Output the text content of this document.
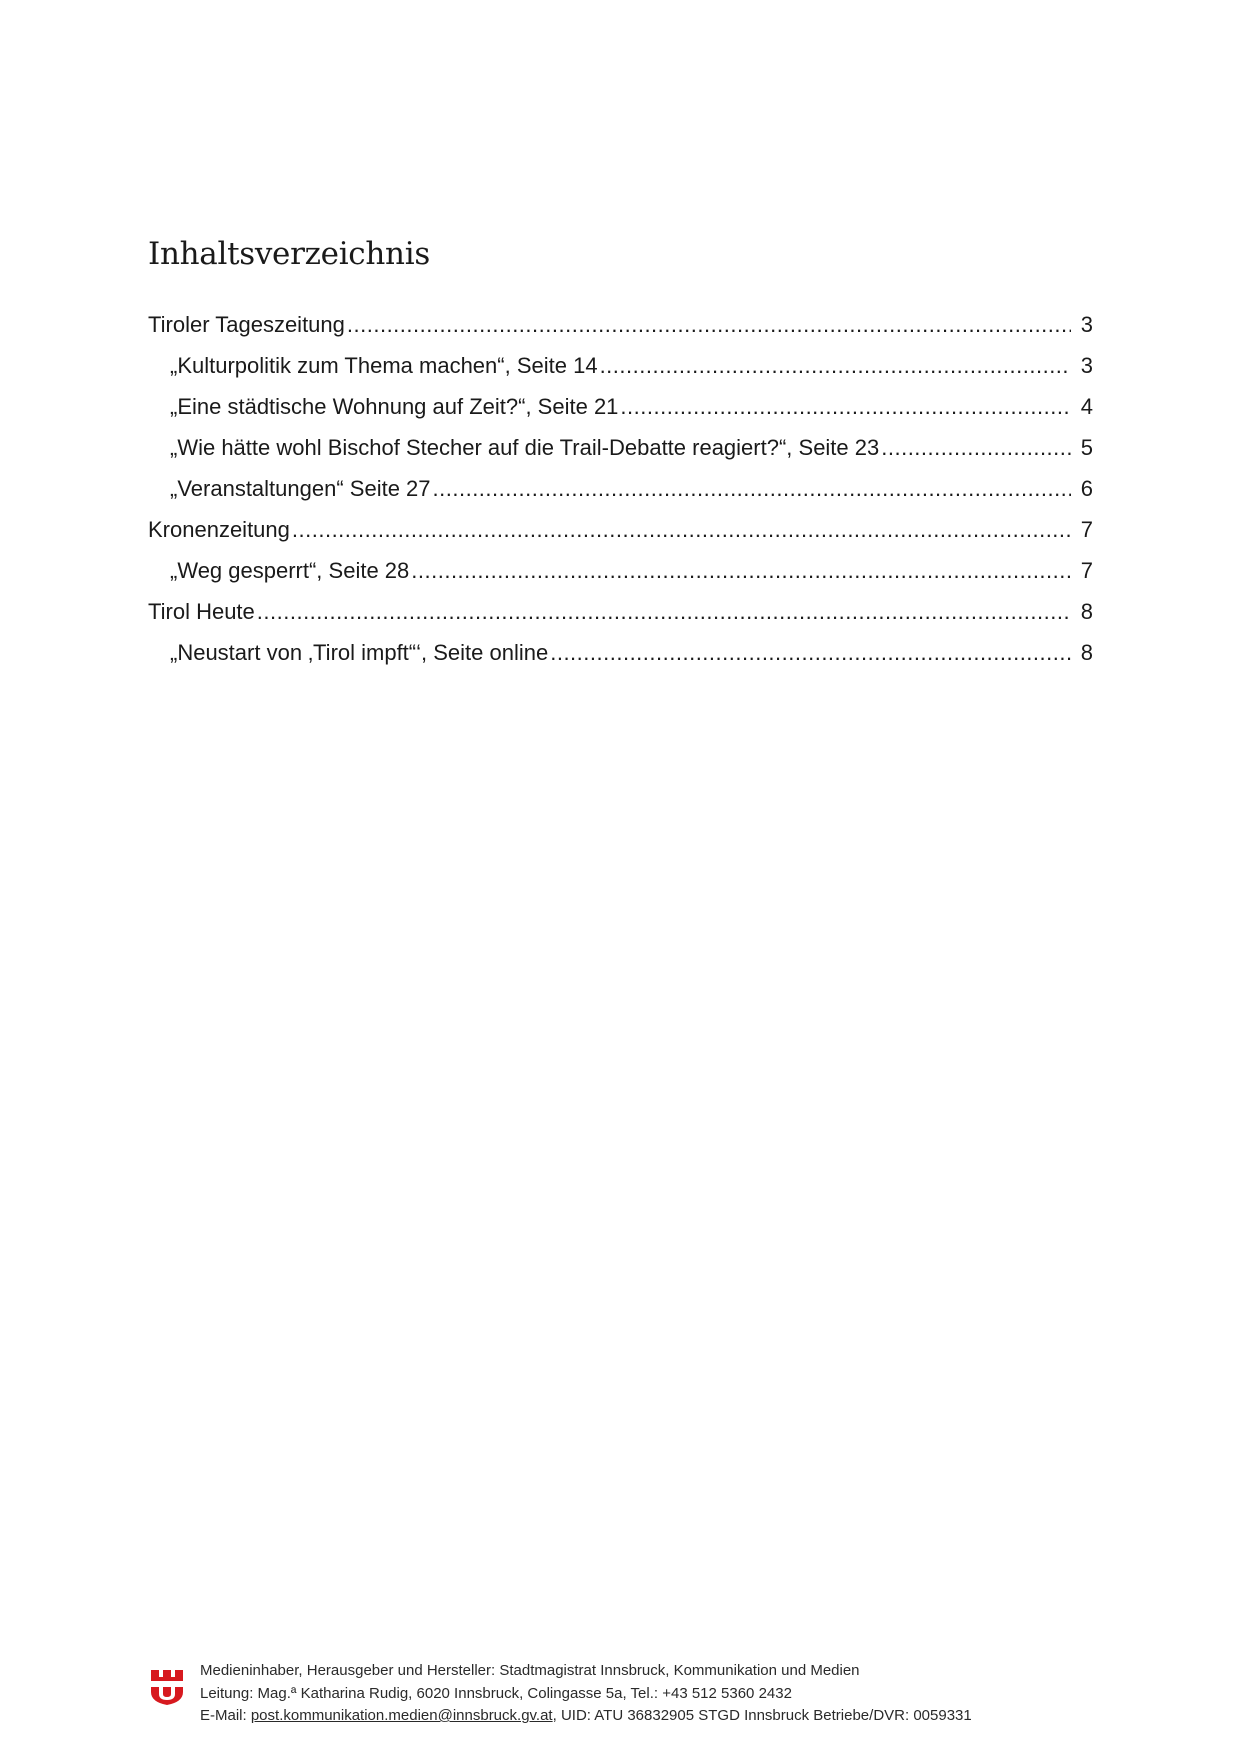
Inhaltsverzeichnis
Tiroler Tageszeitung .....	3
„Kulturpolitik zum Thema machen“, Seite 14 .....	3
„Eine städtische Wohnung auf Zeit?“, Seite 21 .....	4
„Wie hätte wohl Bischof Stecher auf die Trail-Debatte reagiert?“, Seite 23 .....	5
„Veranstaltungen“ Seite 27 .....	6
Kronenzeitung .....	7
„Weg gesperrt“, Seite 28 .....	7
Tirol Heute .....	8
„Neustart von ‚Tirol impft“‘, Seite online .....	8
Medieninhaber, Herausgeber und Hersteller: Stadtmagistrat Innsbruck, Kommunikation und Medien
Leitung: Mag.ª Katharina Rudig, 6020 Innsbruck, Colingasse 5a, Tel.: +43 512 5360 2432
E-Mail: post.kommunikation.medien@innsbruck.gv.at, UID: ATU 36832905 STGD Innsbruck Betriebe/DVR: 0059331
